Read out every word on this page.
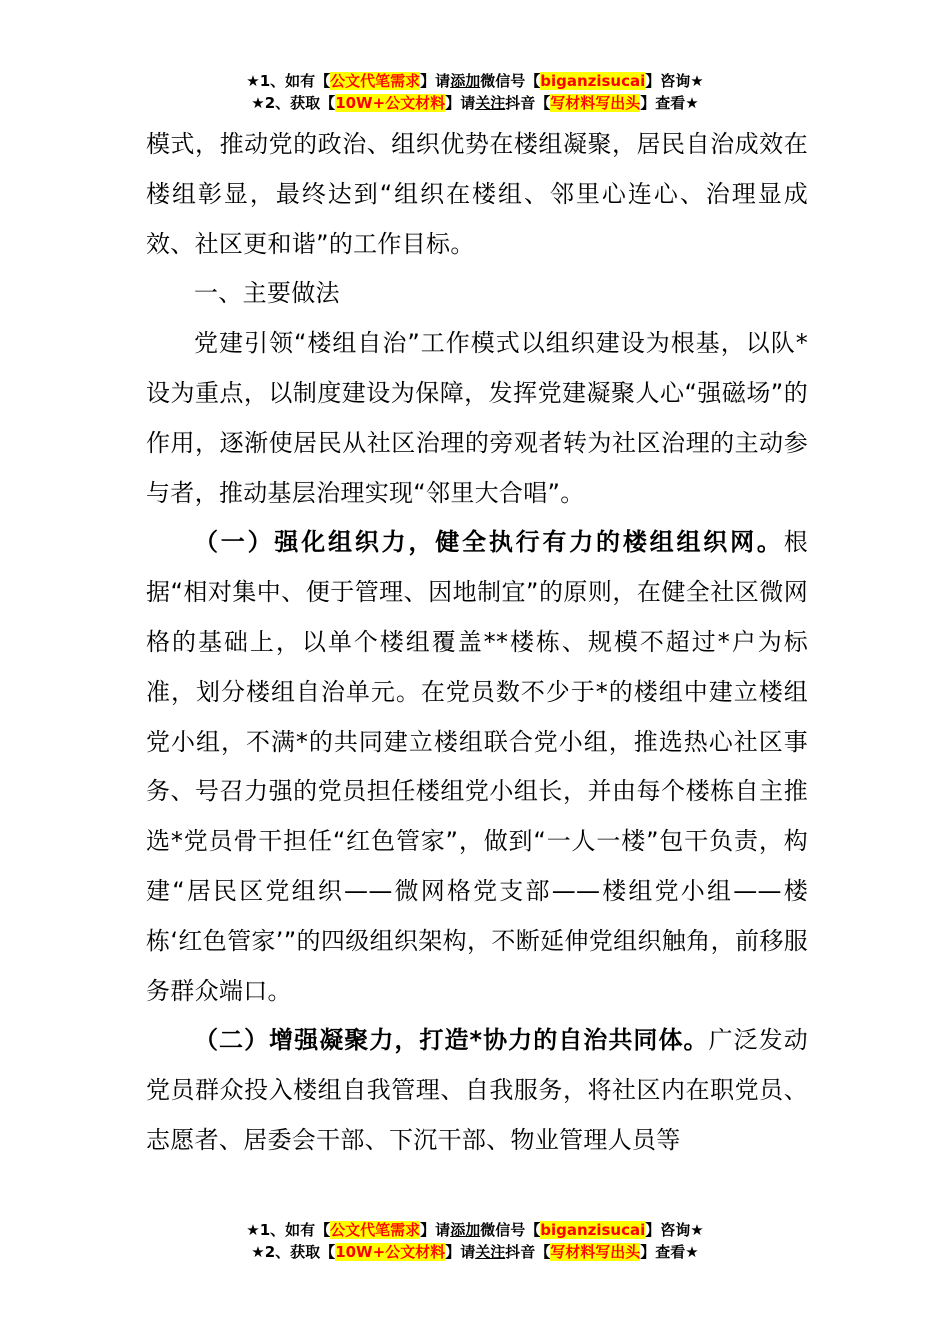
★1、如有【公文代笔需求】请添加微信号【biganzisucai】咨询★
★2、获取【10W+公文材料】请关注抖音【写材料写出头】查看★

模式，推动党的政治、组织优势在楼组凝聚，居民自治成效在楼组彰显，最终达到“组织在楼组、邻里心连心、治理显成效、社区更和谐”的工作目标。

一、主要做法

党建引领“楼组自治”工作模式以组织建设为根基，以队*设为重点，以制度建设为保障，发挥党建凝聚人心“强磁场”的作用，逐渐使居民从社区治理的旁观者转为社区治理的主动参与者，推动基层治理实现“邻里大合唱”。

（一）强化组织力，健全执行有力的楼组组织网。根据“相对集中、便于管理、因地制宜”的原则，在健全社区微网格的基础上，以单个楼组覆盖**楼栋、规模不超过*户为标准，划分楼组自治单元。在党员数不少于*的楼组中建立楼组党小组，不满*的共同建立楼组联合党小组，推选热心社区事务、号召力强的党员担任楼组党小组长，并由每个楼栋自主推选*党员骨干担任“红色管家”，做到“一人一楼”包干负责，构建“居民区党组织——微网格党支部——楼组党小组——楼栋‘红色管家’”的四级组织架构，不断延伸党组织触角，前移服务群众端口。

（二）增强凝聚力，打造*协力的自治共同体。广泛发动党员群众投入楼组自我管理、自我服务，将社区内在职党员、志愿者、居委会干部、下沉干部、物业管理人员等

★1、如有【公文代笔需求】请添加微信号【biganzisucai】咨询★
★2、获取【10W+公文材料】请关注抖音【写材料写出头】查看★
